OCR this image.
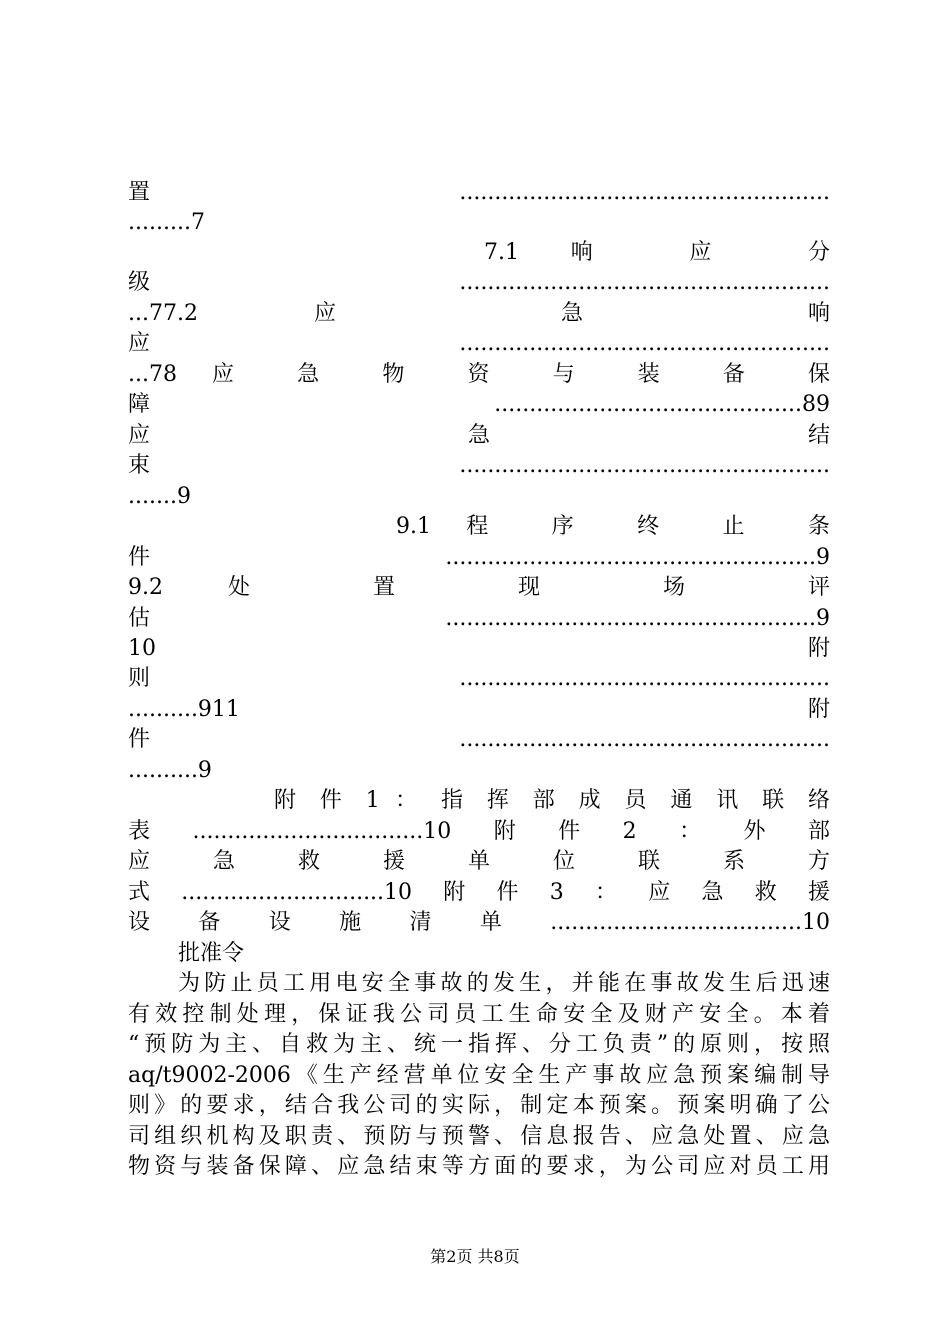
置.....................................................
.........7
7.1 响 应 分
级.....................................................
...77.2 应 急 响
应.....................................................
...78 应 急 物 资 与 装 备 保
障............................................89
应 急 结
束.....................................................
.......9
9.1 程 序 终 止 条
件.....................................................9
9.2 处 置 现 场 评
估.....................................................9
10 附
则.....................................................
..........911 附
件.....................................................
..........9
附 件 1 ： 指 挥 部 成 员 通 讯 联 络
表.................................10附件2：外部
应 急 救 援 单 位 联 系 方
式.............................10附件3：应急救援
设备设施清单....................................10
批准令
为防止员工用电安全事故的发生，并能在事故发生后迅速
有效控制处理，保证我公司员工生命安全及财产安全。本着
“预防为主、自救为主、统一指挥、分工负责”的原则，按照
aq/t9002-2006《生产经营单位安全生产事故应急预案编制导
则》的要求，结合我公司的实际，制定本预案。预案明确了公
司组织机构及职责、预防与预警、信息报告、应急处置、应急
物资与装备保障、应急结束等方面的要求，为公司应对员工用
第2页 共8页
